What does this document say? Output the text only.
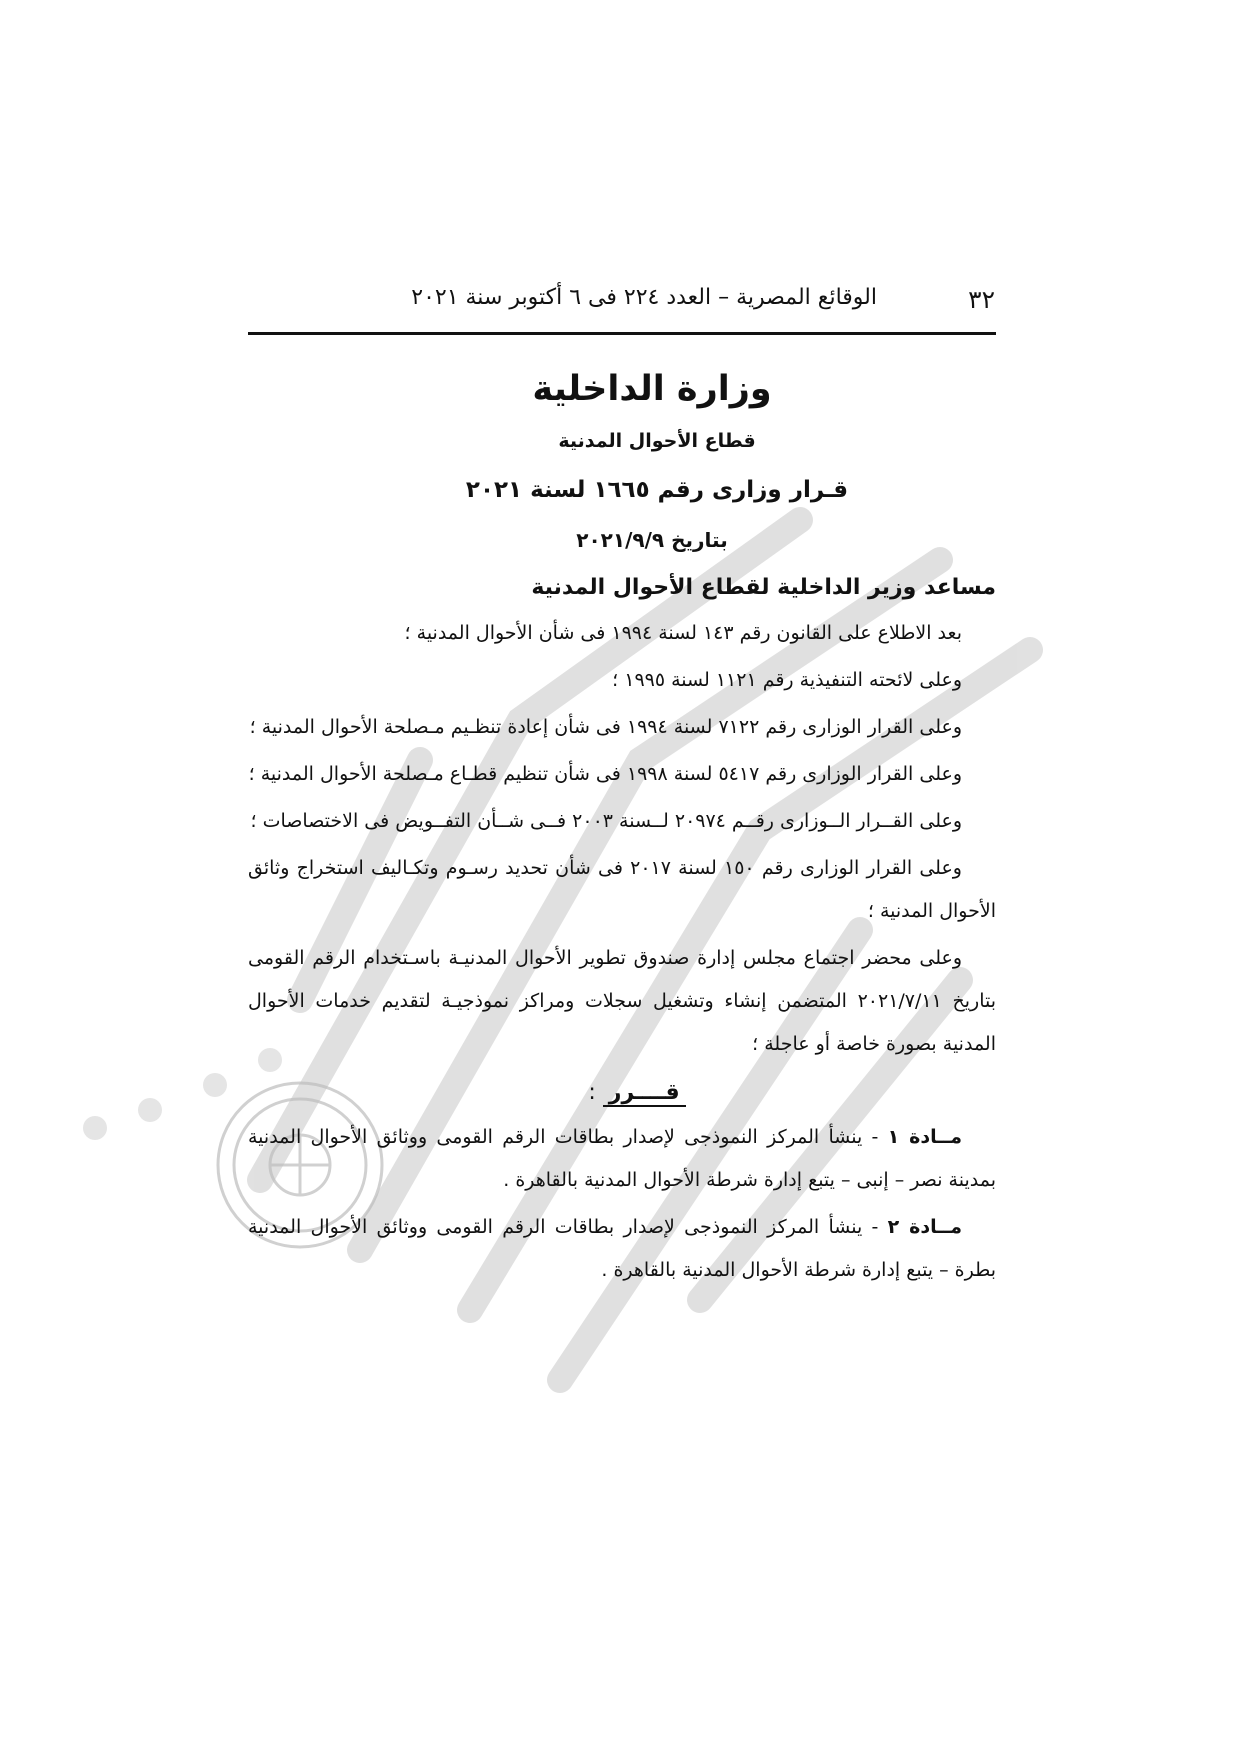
٣٢
الوقائع المصرية – العدد ٢٢٤ فى ٦ أكتوبر سنة ٢٠٢١
وزارة الداخلية
قطاع الأحوال المدنية
قـرار وزارى رقم ١٦٦٥ لسنة ٢٠٢١
بتاريخ ٢٠٢١/٩/٩
مساعد وزير الداخلية لقطاع الأحوال المدنية

بعد الاطلاع على القانون رقم ١٤٣ لسنة ١٩٩٤ فى شأن الأحوال المدنية ؛

وعلى لائحته التنفيذية رقم ١١٢١ لسنة ١٩٩٥ ؛

وعلى القرار الوزارى رقم ٧١٢٢ لسنة ١٩٩٤ فى شأن إعادة تنظـيم مـصلحة الأحوال المدنية ؛

وعلى القرار الوزارى رقم ٥٤١٧ لسنة ١٩٩٨ فى شأن تنظيم قطـاع مـصلحة الأحوال المدنية ؛

وعلى القــرار الــوزارى رقــم ٢٠٩٧٤ لــسنة ٢٠٠٣ فــى شــأن التفــويض فى الاختصاصات ؛

وعلى القرار الوزارى رقم ١٥٠ لسنة ٢٠١٧ فى شأن تحديد رسـوم وتكـاليف استخراج وثائق الأحوال المدنية ؛

وعلى محضر اجتماع مجلس إدارة صندوق تطوير الأحوال المدنيـة باسـتخدام الرقم القومى بتاريخ ٢٠٢١/٧/١١ المتضمن إنشاء وتشغيل سجلات ومراكز نموذجيـة لتقديم خدمات الأحوال المدنية بصورة خاصة أو عاجلة ؛

قــــرر :

مــادة ١ - ينشأ المركز النموذجى لإصدار بطاقات الرقم القومى ووثائق الأحوال المدنية بمدينة نصر – إنبى – يتبع إدارة شرطة الأحوال المدنية بالقاهرة .

مــادة ٢ - ينشأ المركز النموذجى لإصدار بطاقات الرقم القومى ووثائق الأحوال المدنية بطرة – يتبع إدارة شرطة الأحوال المدنية بالقاهرة .
